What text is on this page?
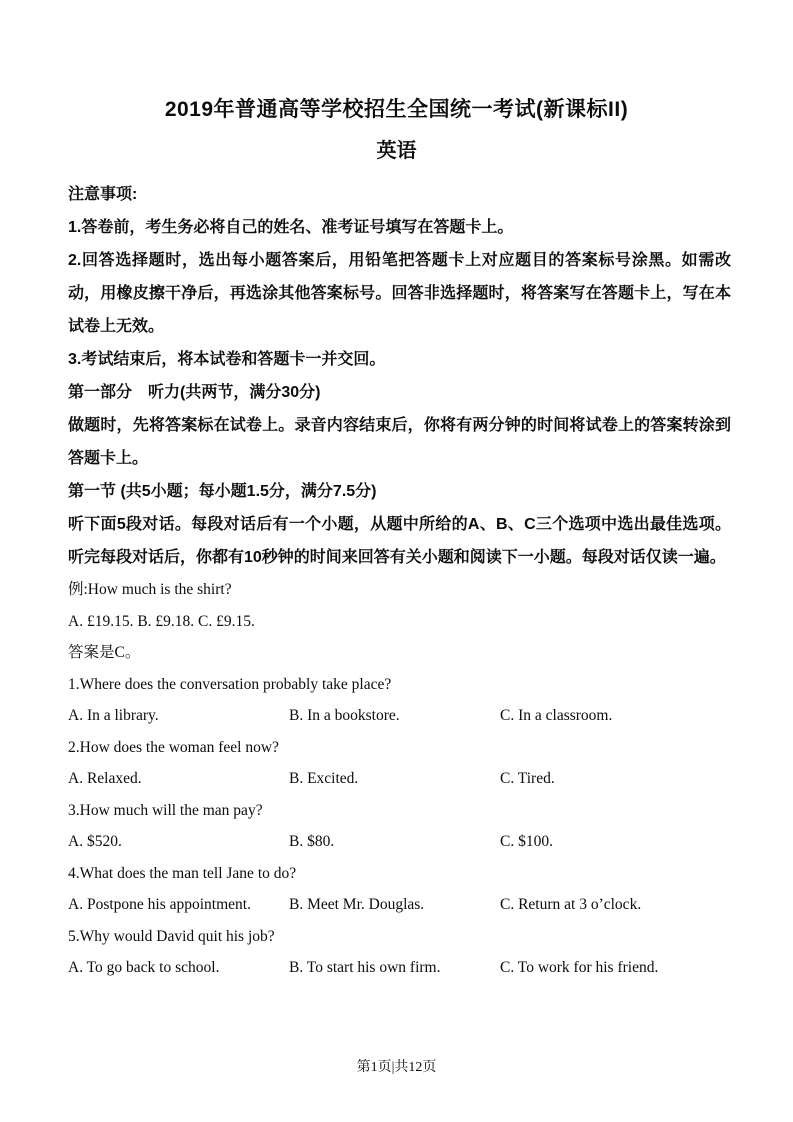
2019年普通高等学校招生全国统一考试(新课标II)
英语

注意事项:

1.答卷前，考生务必将自己的姓名、准考证号填写在答题卡上。

2.回答选择题时，选出每小题答案后，用铅笔把答题卡上对应题目的答案标号涂黑。如需改动，用橡皮擦干净后，再选涂其他答案标号。回答非选择题时，将答案写在答题卡上，写在本试卷上无效。

3.考试结束后，将本试卷和答题卡一并交回。

第一部分　听力(共两节，满分30分)

做题时，先将答案标在试卷上。录音内容结束后，你将有两分钟的时间将试卷上的答案转涂到答题卡上。

第一节 (共5小题；每小题1.5分，满分7.5分)

听下面5段对话。每段对话后有一个小题，从题中所给的A、B、C三个选项中选出最佳选项。听完每段对话后，你都有10秒钟的时间来回答有关小题和阅读下一小题。每段对话仅读一遍。

例:How much is the shirt?

A. £19.15. B. £9.18. C. £9.15.

答案是C。

1.Where does the conversation probably take place?

A. In a library.	B. In a bookstore.	C. In a classroom.

2.How does the woman feel now?

A. Relaxed.	B. Excited.	C. Tired.

3.How much will the man pay?

A. $520.	B. $80.	C. $100.

4.What does the man tell Jane to do?

A. Postpone his appointment.	B. Meet Mr. Douglas.	C. Return at 3 o’clock.

5.Why would David quit his job?

A. To go back to school.	B. To start his own firm.	C. To work for his friend.
第1页|共12页
